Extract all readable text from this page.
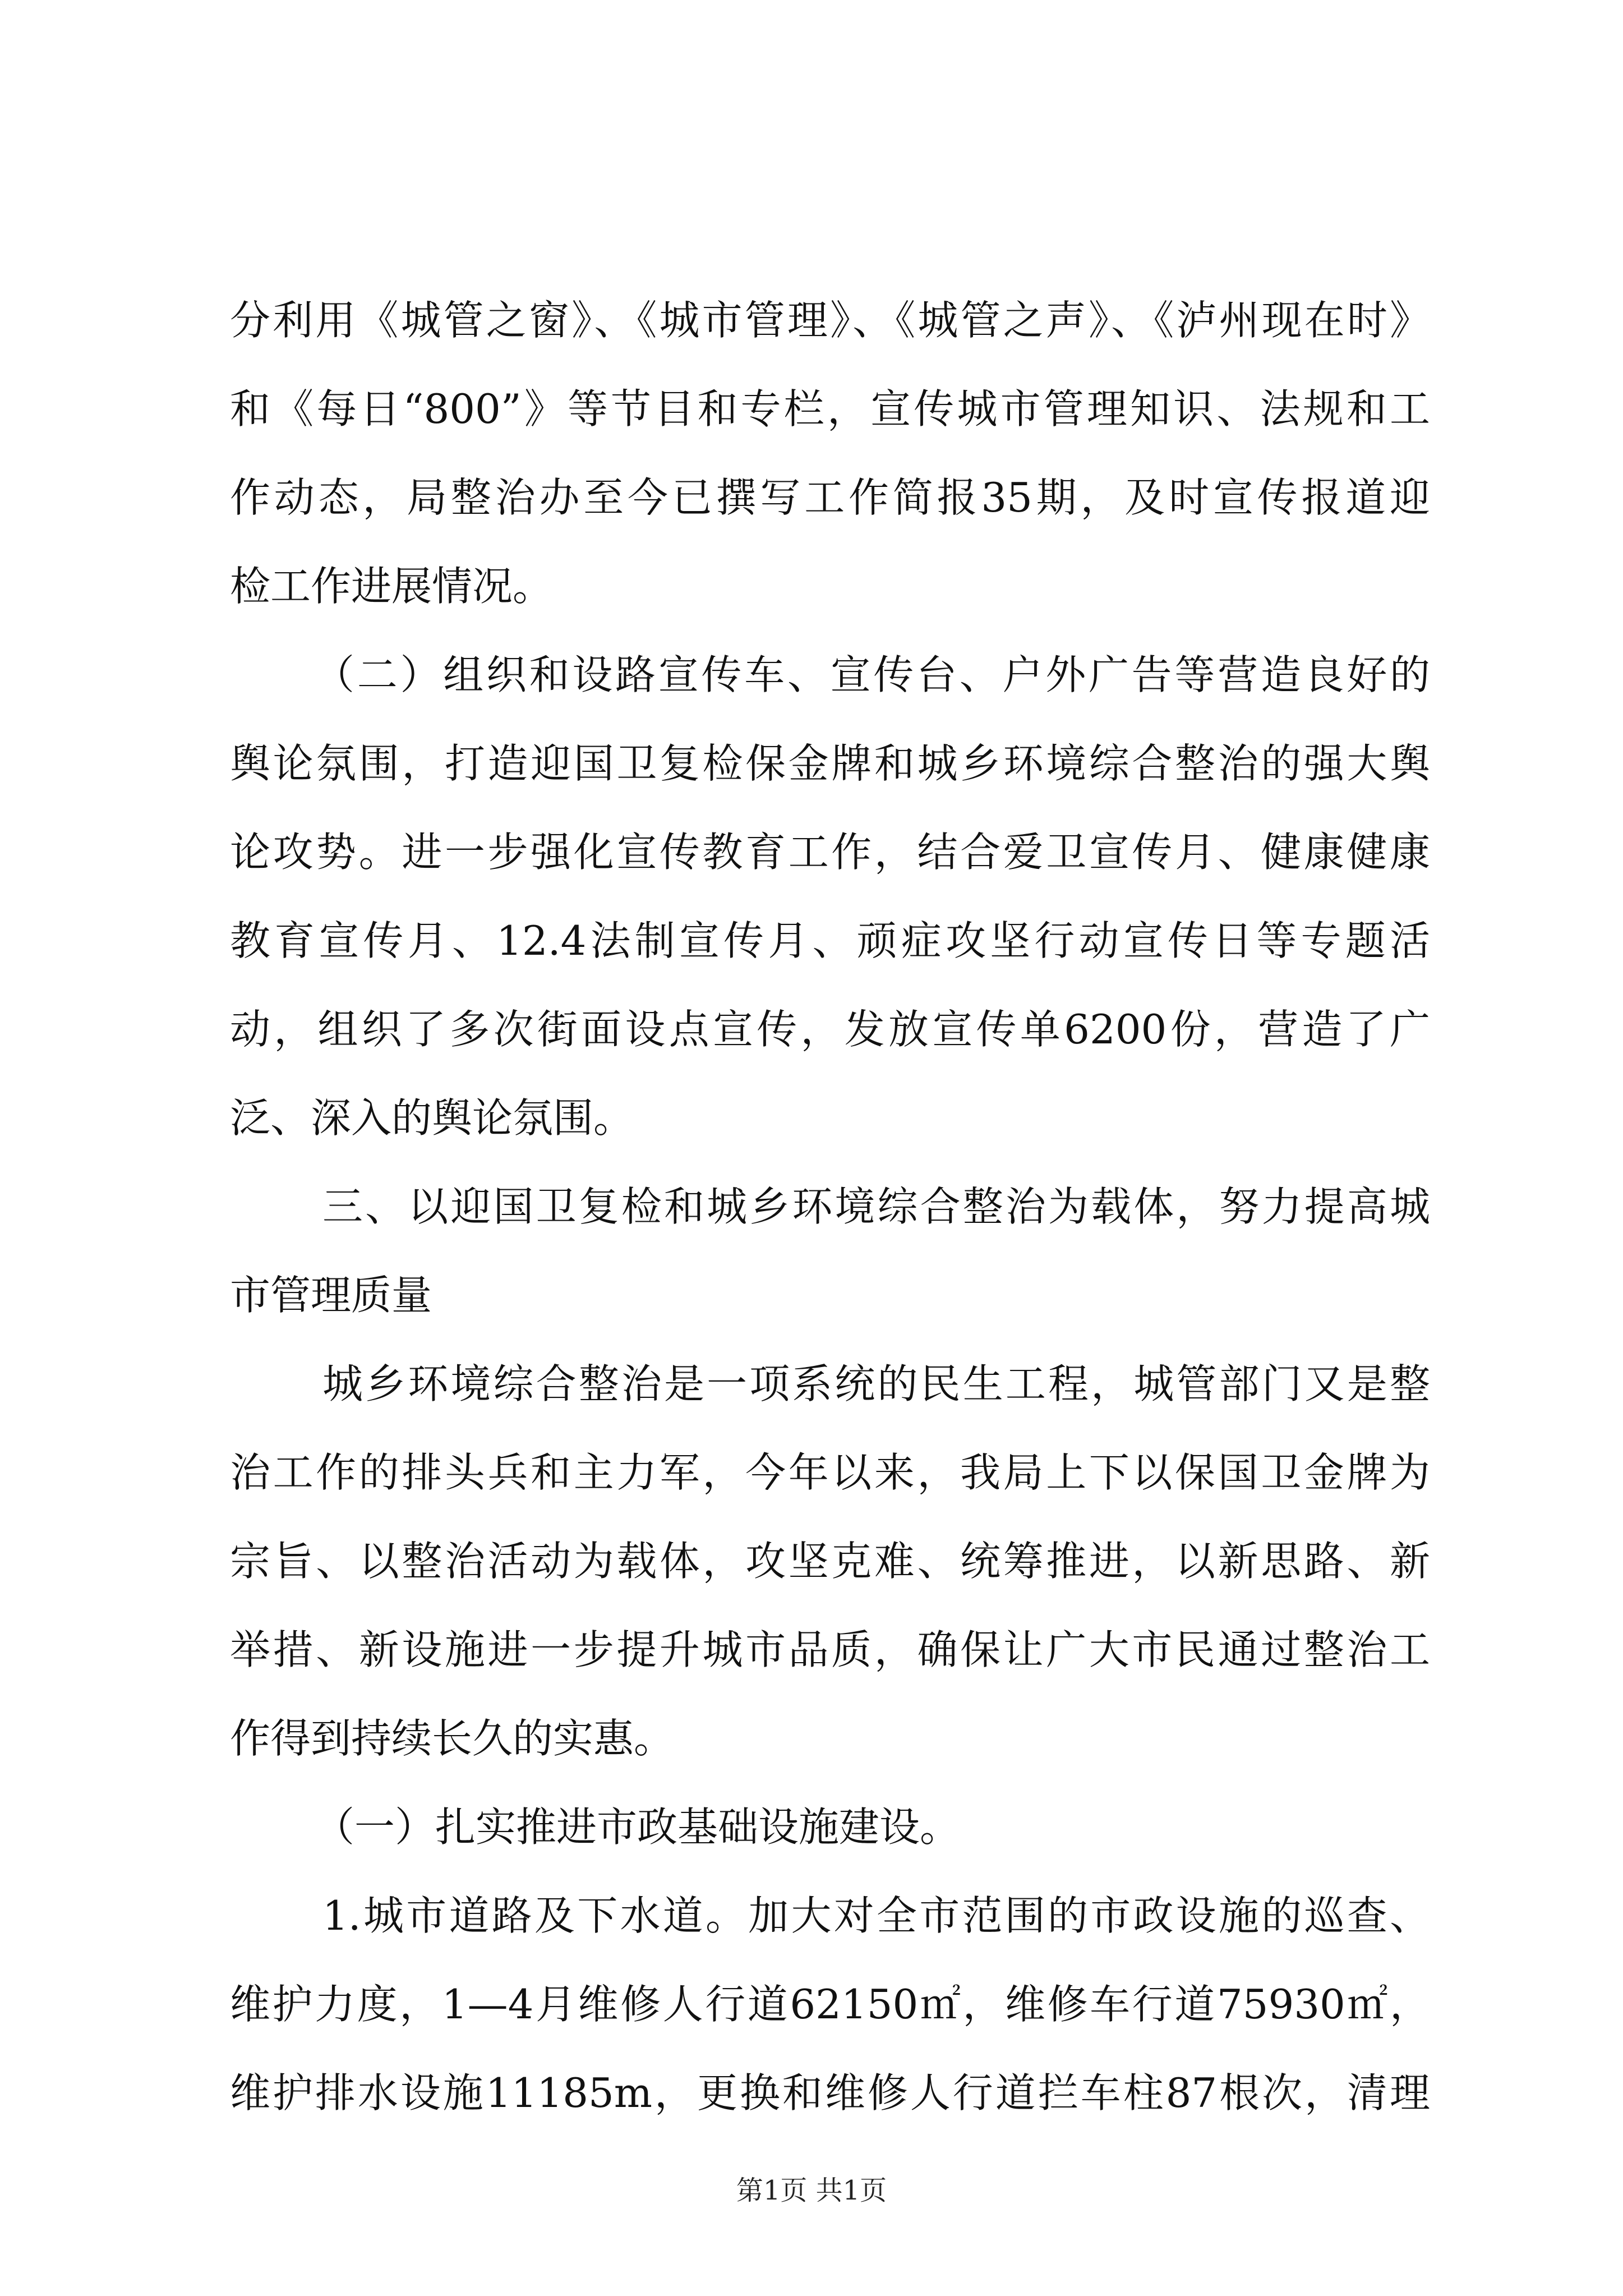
分利用《城管之窗》、《城市管理》、《城管之声》、《泸州现在时》

和《每日“800”》等节目和专栏，宣传城市管理知识、法规和工

作动态，局整治办至今已撰写工作简报35期，及时宣传报道迎

检工作进展情况。

（二）组织和设路宣传车、宣传台、户外广告等营造良好的

舆论氛围，打造迎国卫复检保金牌和城乡环境综合整治的强大舆

论攻势。进一步强化宣传教育工作，结合爱卫宣传月、健康健康

教育宣传月、12.4法制宣传月、顽症攻坚行动宣传日等专题活

动，组织了多次街面设点宣传，发放宣传单6200份，营造了广

泛、深入的舆论氛围。

三、以迎国卫复检和城乡环境综合整治为载体，努力提高城

市管理质量

城乡环境综合整治是一项系统的民生工程，城管部门又是整

治工作的排头兵和主力军，今年以来，我局上下以保国卫金牌为

宗旨、以整治活动为载体，攻坚克难、统筹推进，以新思路、新

举措、新设施进一步提升城市品质，确保让广大市民通过整治工

作得到持续长久的实惠。

（一）扎实推进市政基础设施建设。

1.城市道路及下水道。加大对全市范围的市政设施的巡查、

维护力度，1—4月维修人行道62150㎡，维修车行道75930㎡，

维护排水设施11185m，更换和维修人行道拦车柱87根次，清理

第1页 共1页
